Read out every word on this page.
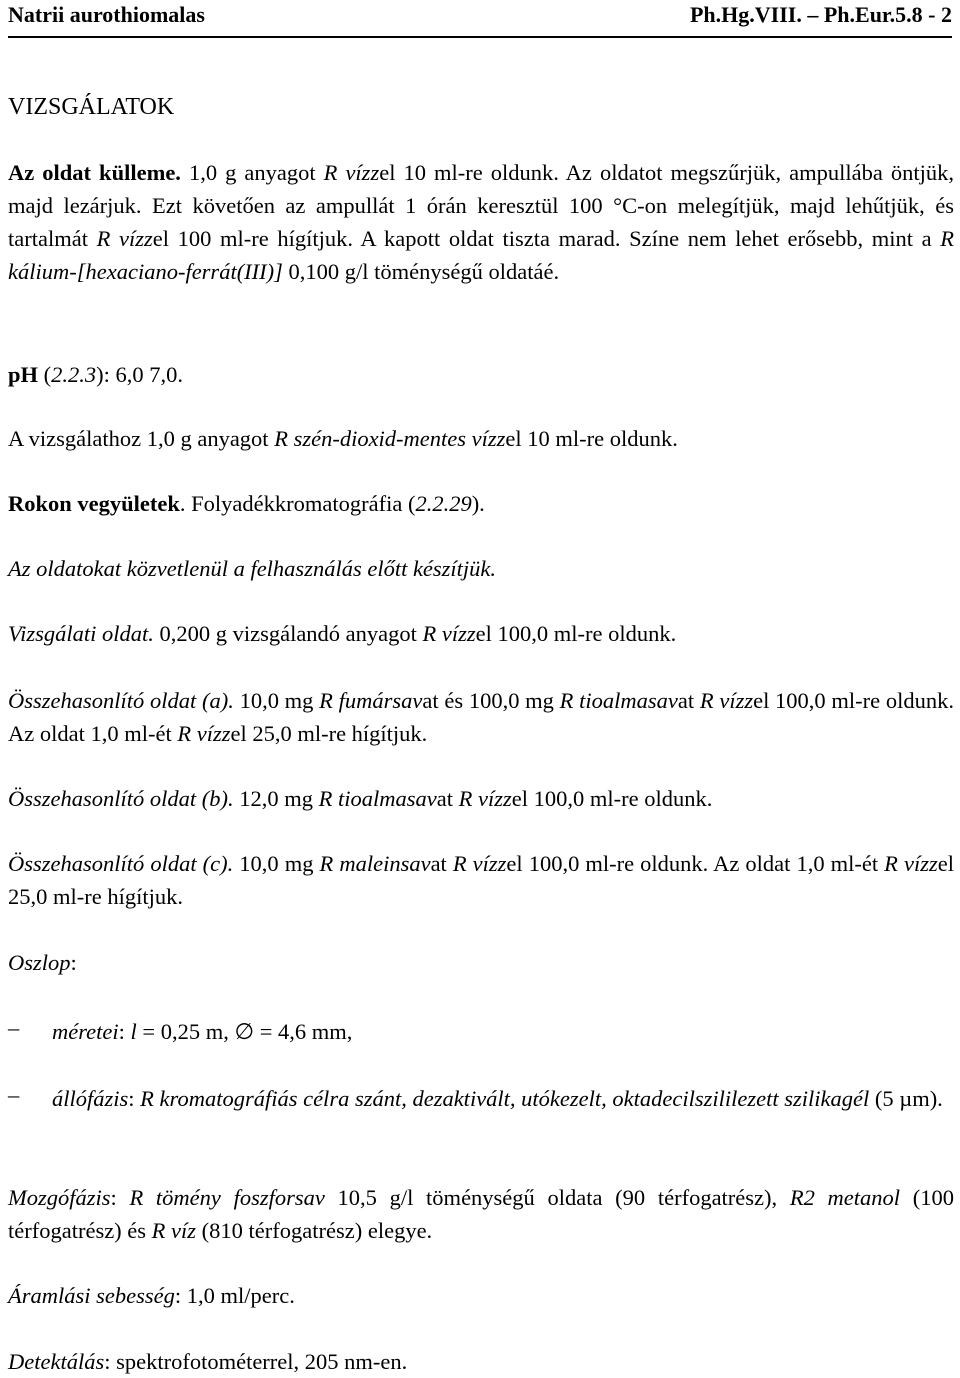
Natrii aurothiomalas	Ph.Hg.VIII. – Ph.Eur.5.8 - 2
VIZSGÁLATOK

Az oldat külleme. 1,0 g anyagot R vízzel 10 ml-re oldunk. Az oldatot megszűrjük, ampullába öntjük, majd lezárjuk. Ezt követően az ampullát 1 órán keresztül 100 °C-on melegítjük, majd lehűtjük, és tartalmát R vízzel 100 ml-re hígítjuk. A kapott oldat tiszta marad. Színe nem lehet erősebb, mint a R kálium-[hexaciano-ferrát(III)] 0,100 g/l töménységű oldatáé.

pH (2.2.3): 6,0 7,0.

A vizsgálathoz 1,0 g anyagot R szén-dioxid-mentes vízzel 10 ml-re oldunk.

Rokon vegyületek. Folyadékkromatográfia (2.2.29).

Az oldatokat közvetlenül a felhasználás előtt készítjük.

Vizsgálati oldat. 0,200 g vizsgálandó anyagot R vízzel 100,0 ml-re oldunk.

Összehasonlító oldat (a). 10,0 mg R fumársavat és 100,0 mg R tioalmasavat R vízzel 100,0 ml-re oldunk. Az oldat 1,0 ml-ét R vízzel 25,0 ml-re hígítjuk.

Összehasonlító oldat (b). 12,0 mg R tioalmasavat R vízzel 100,0 ml-re oldunk.

Összehasonlító oldat (c). 10,0 mg R maleinsavat R vízzel 100,0 ml-re oldunk. Az oldat 1,0 ml-ét R vízzel 25,0 ml-re hígítjuk.

Oszlop:

– méretei: l = 0,25 m, ∅ = 4,6 mm,

– állófázis: R kromatográfiás célra szánt, dezaktivált, utókezelt, oktadecilszililezett szilikagél (5 µm).

Mozgófázis: R tömény foszforsav 10,5 g/l töménységű oldata (90 térfogatrész), R2 metanol (100 térfogatrész) és R víz (810 térfogatrész) elegye.

Áramlási sebesség: 1,0 ml/perc.

Detektálás: spektrofotométerrel, 205 nm-en.
